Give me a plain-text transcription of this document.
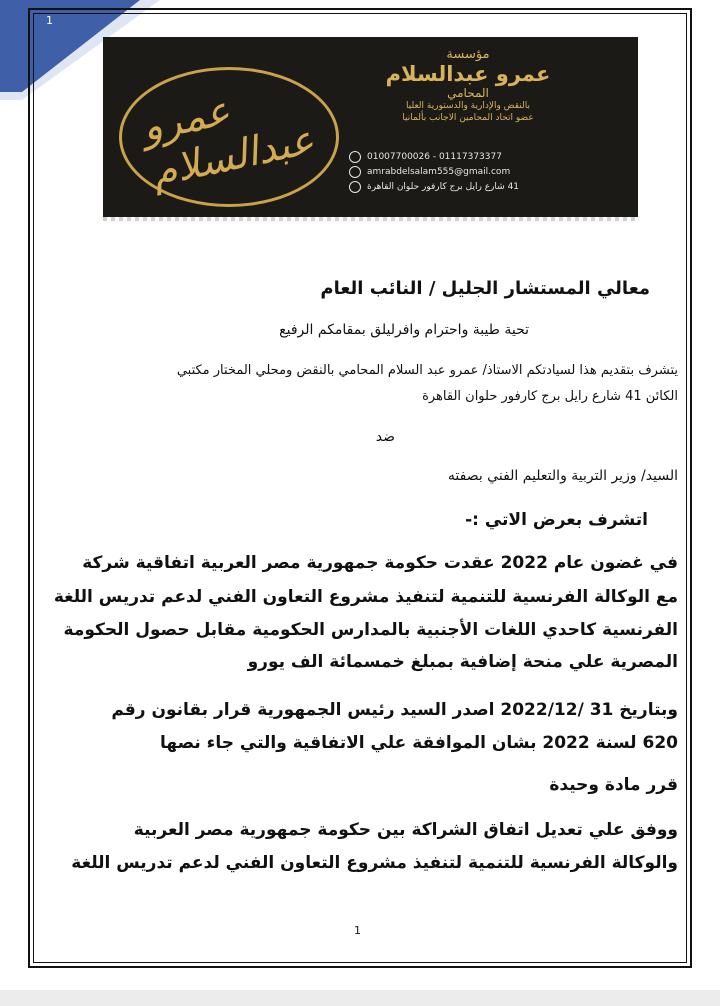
1
عمرو عبدالسلام
مؤسسة
عمرو عبدالسلام
المحامي
بالنقض والإدارية والدستورية العليا
عضو اتحاد المحامين الاجانب بألمانيا
01007700026 - 01117373377
amrabdelsalam555@gmail.com
41 شارع رايل برج كارفور حلوان القاهرة
معالي المستشار الجليل / النائب العام
تحية طيبة واحترام وافرليلق بمقامكم الرفيع
يتشرف بتقديم هذا لسيادتكم الاستاذ/ عمرو عبد السلام المحامي بالنقض ومحلي المختار مكتبي
الكائن 41 شارع رايل برج كارفور حلوان القاهرة
ضد
السيد/ وزير التربية والتعليم الفني بصفته
اتشرف بعرض الاتي :-
في غضون عام 2022 عقدت حكومة جمهورية مصر العربية اتفاقية شركة
مع الوكالة الفرنسية للتنمية لتنفيذ مشروع التعاون الفني لدعم تدريس اللغة
الفرنسية كاحدي اللغات الأجنبية بالمدارس الحكومية مقابل حصول الحكومة
المصرية علي منحة إضافية بمبلغ خمسمائة الف يورو
وبتاريخ 31 /2022/12 اصدر السيد رئيس الجمهورية قرار بقانون رقم
620 لسنة 2022 بشان الموافقة علي الاتفاقية والتي جاء نصها
قرر مادة وحيدة
ووفق علي تعديل اتفاق الشراكة بين حكومة جمهورية مصر العربية
والوكالة الفرنسية للتنمية لتنفيذ مشروع التعاون الفني لدعم تدريس اللغة
1
